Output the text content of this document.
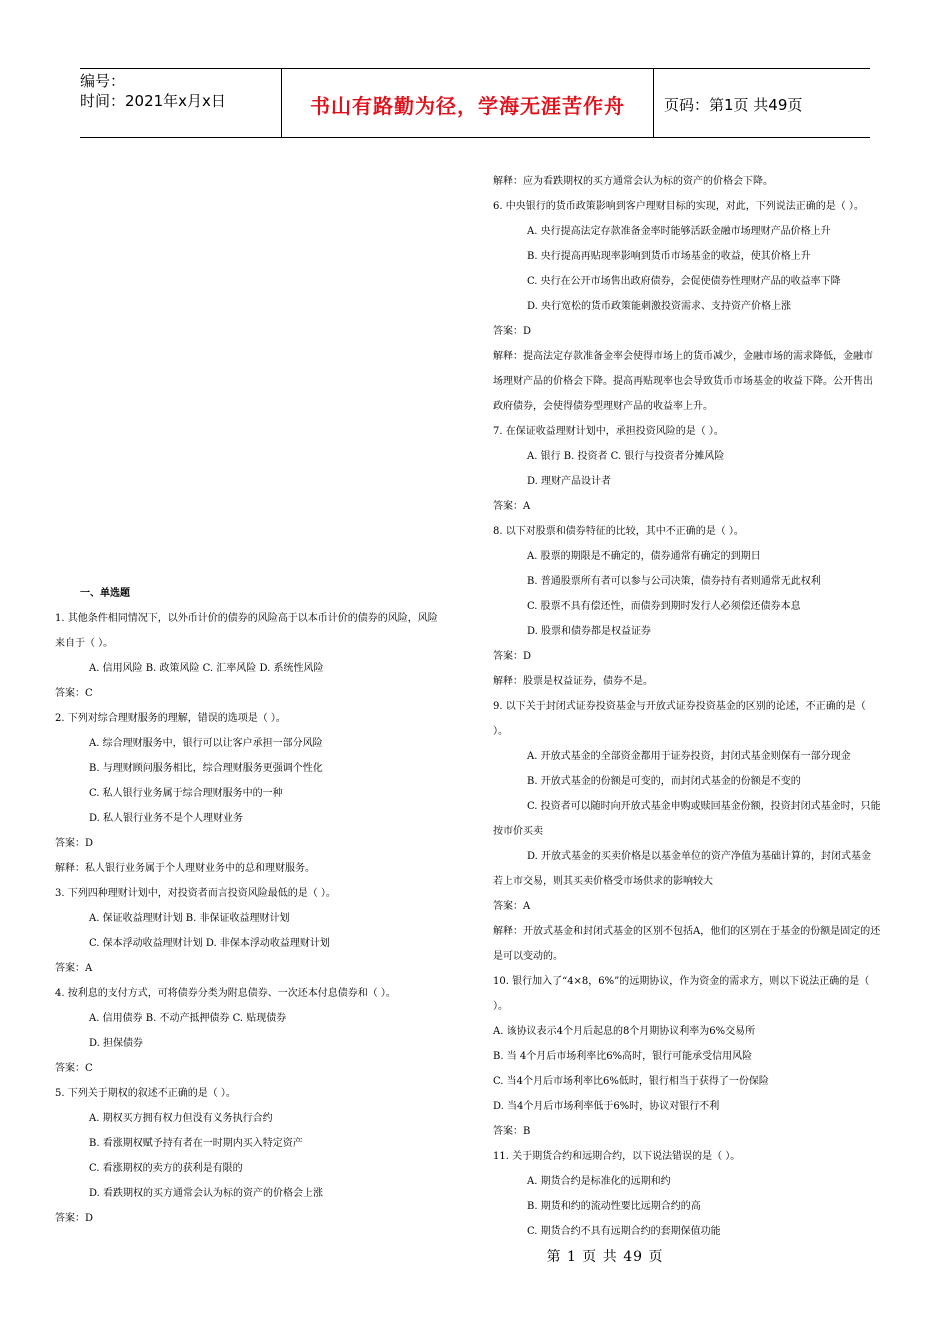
编号：
时间：2021年x月x日	书山有路勤为径，学海无涯苦作舟	页码：第1页 共49页
一、单选题
1. 其他条件相同情况下，以外币计价的债券的风险高于以本币计价的债券的风险，风险
来自于（ ）。
A. 信用风险 B. 政策风险 C. 汇率风险 D. 系统性风险
答案：C
2. 下列对综合理财服务的理解，错误的选项是（ ）。
A. 综合理财服务中，银行可以让客户承担一部分风险
B. 与理财顾问服务相比，综合理财服务更强调个性化
C. 私人银行业务属于综合理财服务中的一种
D. 私人银行业务不是个人理财业务
答案：D
解释：私人银行业务属于个人理财业务中的总和理财服务。
3. 下列四种理财计划中，对投资者而言投资风险最低的是（ ）。
A. 保证收益理财计划 B. 非保证收益理财计划
C. 保本浮动收益理财计划 D. 非保本浮动收益理财计划
答案：A
4. 按利息的支付方式，可将债券分类为附息债券、一次还本付息债券和（ ）。
A. 信用债券 B. 不动产抵押债券 C. 贴现债券
D. 担保债券
答案：C
5. 下列关于期权的叙述不正确的是（ ）。
A. 期权买方拥有权力但没有义务执行合约
B. 看涨期权赋予持有者在一时期内买入特定资产
C. 看涨期权的卖方的获利是有限的
D. 看跌期权的买方通常会认为标的资产的价格会上涨
答案：D
解释：应为看跌期权的买方通常会认为标的资产的价格会下降。
6. 中央银行的货币政策影响到客户理财目标的实现，对此，下列说法正确的是（ ）。
A. 央行提高法定存款准备金率时能够活跃金融市场理财产品价格上升
B. 央行提高再贴现率影响到货币市场基金的收益，使其价格上升
C. 央行在公开市场售出政府债券，会促使债券性理财产品的收益率下降
D. 央行宽松的货币政策能刺激投资需求、支持资产价格上涨
答案：D
解释：提高法定存款准备金率会使得市场上的货币减少，金融市场的需求降低，金融市
场理财产品的价格会下降。提高再贴现率也会导致货币市场基金的收益下降。公开售出
政府债券，会使得债券型理财产品的收益率上升。
7. 在保证收益理财计划中，承担投资风险的是（ ）。
A. 银行 B. 投资者 C. 银行与投资者分摊风险
D. 理财产品设计者
答案：A
8. 以下对股票和债券特征的比较，其中不正确的是（ ）。
A. 股票的期限是不确定的，债券通常有确定的到期日
B. 普通股票所有者可以参与公司决策，债券持有者则通常无此权利
C. 股票不具有偿还性，而债券到期时发行人必须偿还债券本息
D. 股票和债券都是权益证券
答案：D
解释：股票是权益证券，债券不是。
9. 以下关于封闭式证券投资基金与开放式证券投资基金的区别的论述，不正确的是（
）。
A. 开放式基金的全部资金都用于证券投资，封闭式基金则保有一部分现金
B. 开放式基金的份额是可变的，而封闭式基金的份额是不变的
C. 投资者可以随时向开放式基金申购或赎回基金份额，投资封闭式基金时，只能
按市价买卖
D. 开放式基金的买卖价格是以基金单位的资产净值为基础计算的，封闭式基金
若上市交易，则其买卖价格受市场供求的影响较大
答案：A
解释：开放式基金和封闭式基金的区别不包括A，他们的区别在于基金的份额是固定的还
是可以变动的。
10. 银行加入了“4×8，6%”的远期协议，作为资金的需求方，则以下说法正确的是（
）。
A. 该协议表示4个月后起息的8个月期协议利率为6%交易所
B. 当 4个月后市场利率比6%高时，银行可能承受信用风险
C. 当4个月后市场利率比6%低时，银行相当于获得了一份保险
D. 当4个月后市场利率低于6%时，协议对银行不利
答案：B
11. 关于期货合约和远期合约，以下说法错误的是（ ）。
A. 期货合约是标准化的远期和约
B. 期货和约的流动性要比远期合约的高
C. 期货合约不具有远期合约的套期保值功能
第 1 页 共 49 页
